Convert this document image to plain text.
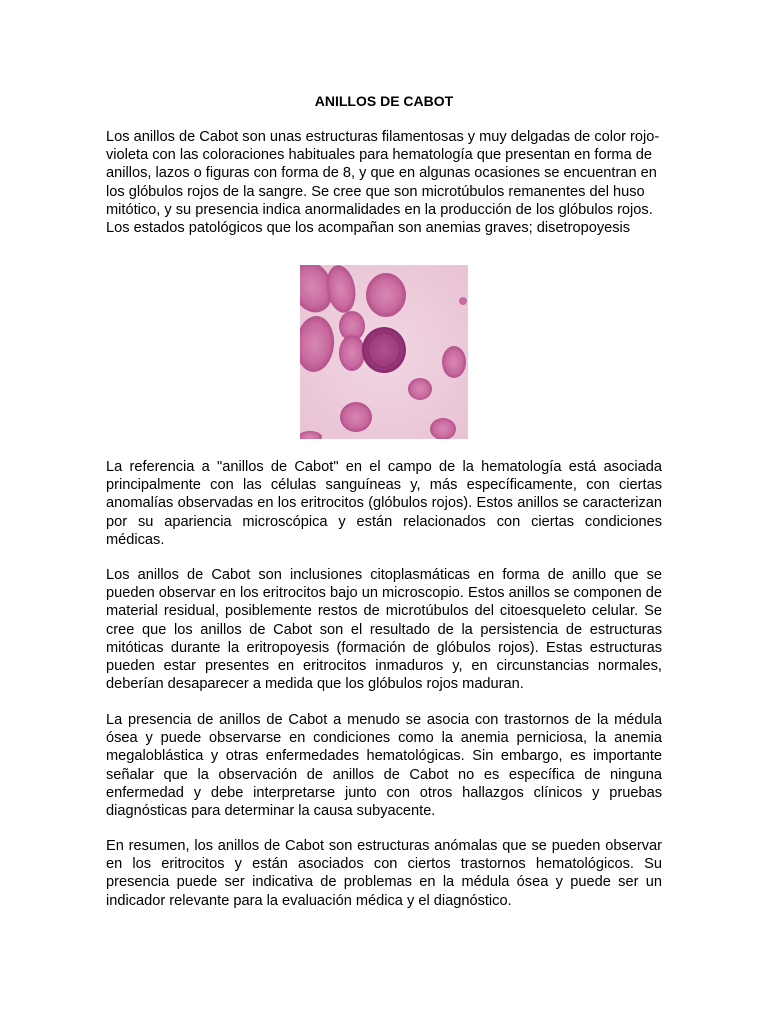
ANILLOS DE CABOT

Los anillos de Cabot son unas estructuras filamentosas y muy delgadas de color rojo-violeta con las coloraciones habituales para hematología que presentan en forma de anillos, lazos o figuras con forma de 8, y que en algunas ocasiones se encuentran en los glóbulos rojos de la sangre. Se cree que son microtúbulos remanentes del huso mitótico, y su presencia indica anormalidades en la producción de los glóbulos rojos. Los estados patológicos que los acompañan son anemias graves; disetropoyesis

La referencia a "anillos de Cabot" en el campo de la hematología está asociada principalmente con las células sanguíneas y, más específicamente, con ciertas anomalías observadas en los eritrocitos (glóbulos rojos). Estos anillos se caracterizan por su apariencia microscópica y están relacionados con ciertas condiciones médicas.

Los anillos de Cabot son inclusiones citoplasmáticas en forma de anillo que se pueden observar en los eritrocitos bajo un microscopio. Estos anillos se componen de material residual, posiblemente restos de microtúbulos del citoesqueleto celular. Se cree que los anillos de Cabot son el resultado de la persistencia de estructuras mitóticas durante la eritropoyesis (formación de glóbulos rojos). Estas estructuras pueden estar presentes en eritrocitos inmaduros y, en circunstancias normales, deberían desaparecer a medida que los glóbulos rojos maduran.

La presencia de anillos de Cabot a menudo se asocia con trastornos de la médula ósea y puede observarse en condiciones como la anemia perniciosa, la anemia megaloblástica y otras enfermedades hematológicas. Sin embargo, es importante señalar que la observación de anillos de Cabot no es específica de ninguna enfermedad y debe interpretarse junto con otros hallazgos clínicos y pruebas diagnósticas para determinar la causa subyacente.

En resumen, los anillos de Cabot son estructuras anómalas que se pueden observar en los eritrocitos y están asociados con ciertos trastornos hematológicos. Su presencia puede ser indicativa de problemas en la médula ósea y puede ser un indicador relevante para la evaluación médica y el diagnóstico.
